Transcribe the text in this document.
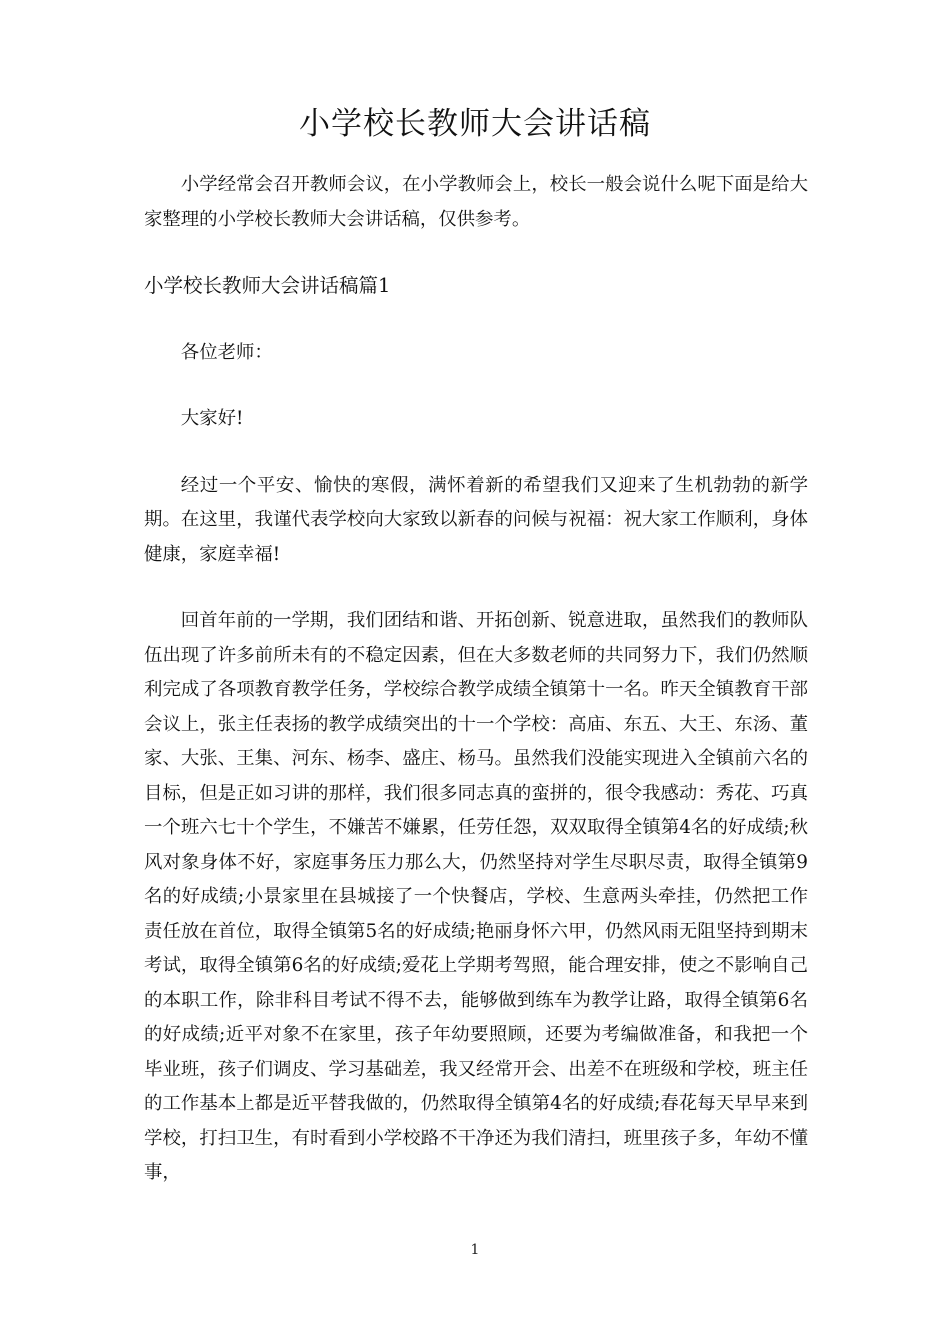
小学校长教师大会讲话稿

小学经常会召开教师会议，在小学教师会上，校长一般会说什么呢下面是给大家整理的小学校长教师大会讲话稿，仅供参考。

小学校长教师大会讲话稿篇1

各位老师：

大家好!

经过一个平安、愉快的寒假，满怀着新的希望我们又迎来了生机勃勃的新学期。在这里，我谨代表学校向大家致以新春的问候与祝福：祝大家工作顺利，身体健康，家庭幸福!

回首年前的一学期，我们团结和谐、开拓创新、锐意进取，虽然我们的教师队伍出现了许多前所未有的不稳定因素，但在大多数老师的共同努力下，我们仍然顺利完成了各项教育教学任务，学校综合教学成绩全镇第十一名。昨天全镇教育干部会议上，张主任表扬的教学成绩突出的十一个学校：高庙、东五、大王、东汤、董家、大张、王集、河东、杨李、盛庄、杨马。虽然我们没能实现进入全镇前六名的目标，但是正如习讲的那样，我们很多同志真的蛮拼的，很令我感动：秀花、巧真一个班六七十个学生，不嫌苦不嫌累，任劳任怨，双双取得全镇第4名的好成绩;秋风对象身体不好，家庭事务压力那么大，仍然坚持对学生尽职尽责，取得全镇第9名的好成绩;小景家里在县城接了一个快餐店，学校、生意两头牵挂，仍然把工作责任放在首位，取得全镇第5名的好成绩;艳丽身怀六甲，仍然风雨无阻坚持到期末考试，取得全镇第6名的好成绩;爱花上学期考驾照，能合理安排，使之不影响自己的本职工作，除非科目考试不得不去，能够做到练车为教学让路，取得全镇第6名的好成绩;近平对象不在家里，孩子年幼要照顾，还要为考编做准备，和我把一个毕业班，孩子们调皮、学习基础差，我又经常开会、出差不在班级和学校，班主任的工作基本上都是近平替我做的，仍然取得全镇第4名的好成绩;春花每天早早来到学校，打扫卫生，有时看到小学校路不干净还为我们清扫，班里孩子多，年幼不懂事，

1
